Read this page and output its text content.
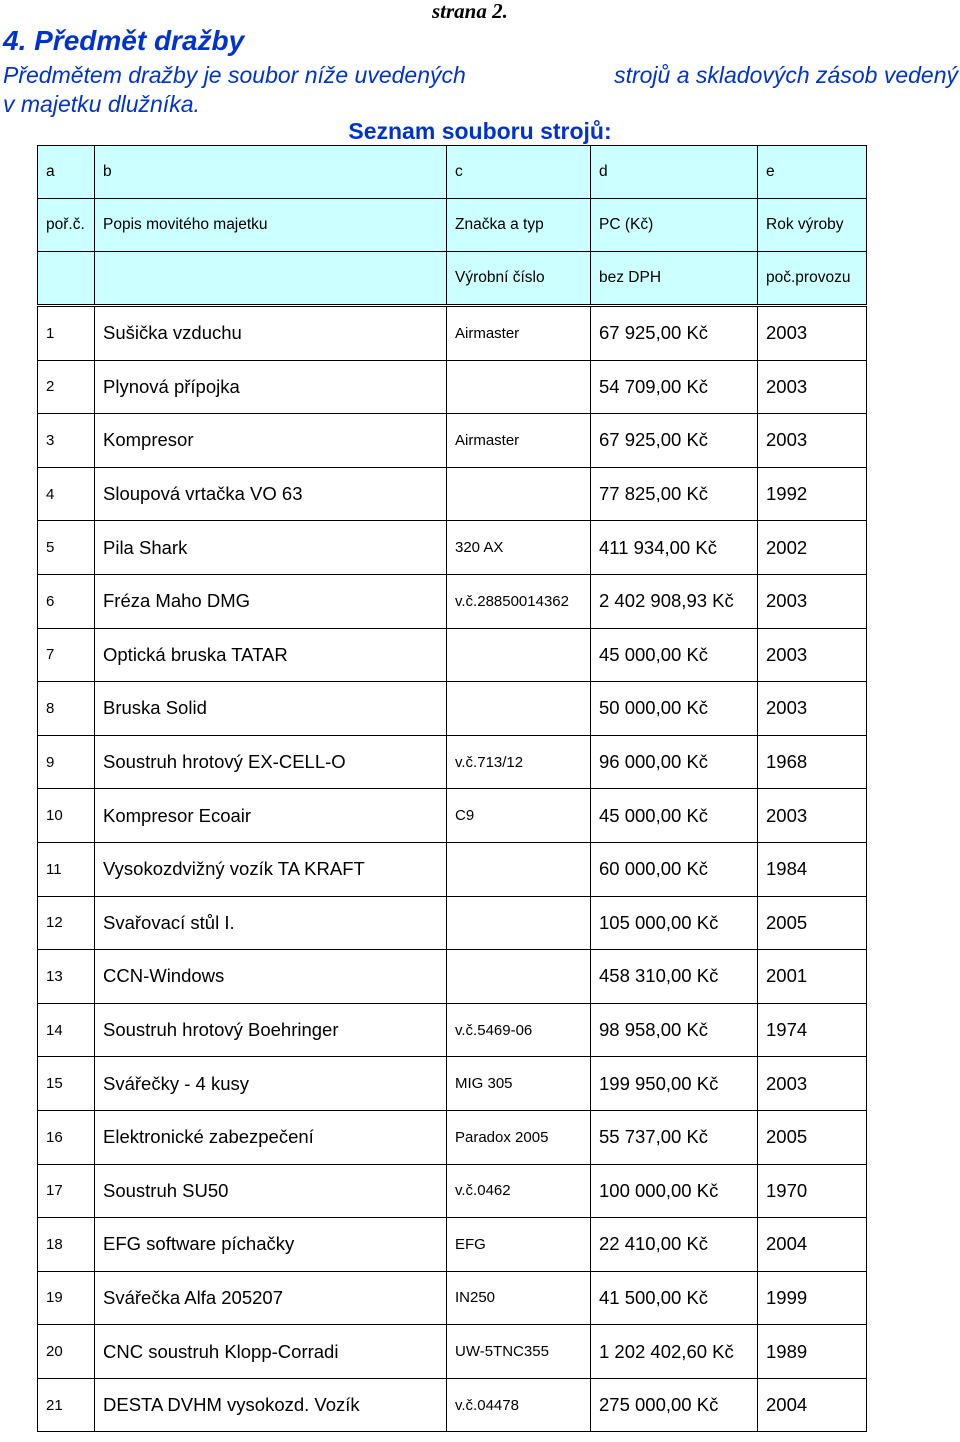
strana 2.
4. Předmět dražby
Předmětem dražby je soubor níže uvedených	strojů a skladových zásob vedený
v majetku dlužníka.
Seznam souboru strojů:
a	b	c	d	e
poř.č.	Popis movitého majetku	Značka a typ	PC (Kč)	Rok výroby
		Výrobní číslo	bez DPH	poč.provozu
1	Sušička vzduchu	Airmaster	67 925,00 Kč	2003
2	Plynová přípojka		54 709,00 Kč	2003
3	Kompresor	Airmaster	67 925,00 Kč	2003
4	Sloupová vrtačka VO 63		77 825,00 Kč	1992
5	Pila Shark	320 AX	411 934,00 Kč	2002
6	Fréza Maho DMG	v.č.28850014362	2 402 908,93 Kč	2003
7	Optická bruska TATAR		45 000,00 Kč	2003
8	Bruska Solid		50 000,00 Kč	2003
9	Soustruh hrotový EX-CELL-O	v.č.713/12	96 000,00 Kč	1968
10	Kompresor Ecoair	C9	45 000,00 Kč	2003
11	Vysokozdvižný vozík TA KRAFT		60 000,00 Kč	1984
12	Svařovací stůl I.		105 000,00 Kč	2005
13	CCN-Windows		458 310,00 Kč	2001
14	Soustruh hrotový Boehringer	v.č.5469-06	98 958,00 Kč	1974
15	Svářečky - 4 kusy	MIG 305	199 950,00 Kč	2003
16	Elektronické zabezpečení	Paradox 2005	55 737,00 Kč	2005
17	Soustruh SU50	v.č.0462	100 000,00 Kč	1970
18	EFG software píchačky	EFG	22 410,00 Kč	2004
19	Svářečka Alfa 205207	IN250	41 500,00 Kč	1999
20	CNC soustruh Klopp-Corradi	UW-5TNC355	1 202 402,60 Kč	1989
21	DESTA DVHM vysokozd. Vozík	v.č.04478	275 000,00 Kč	2004
